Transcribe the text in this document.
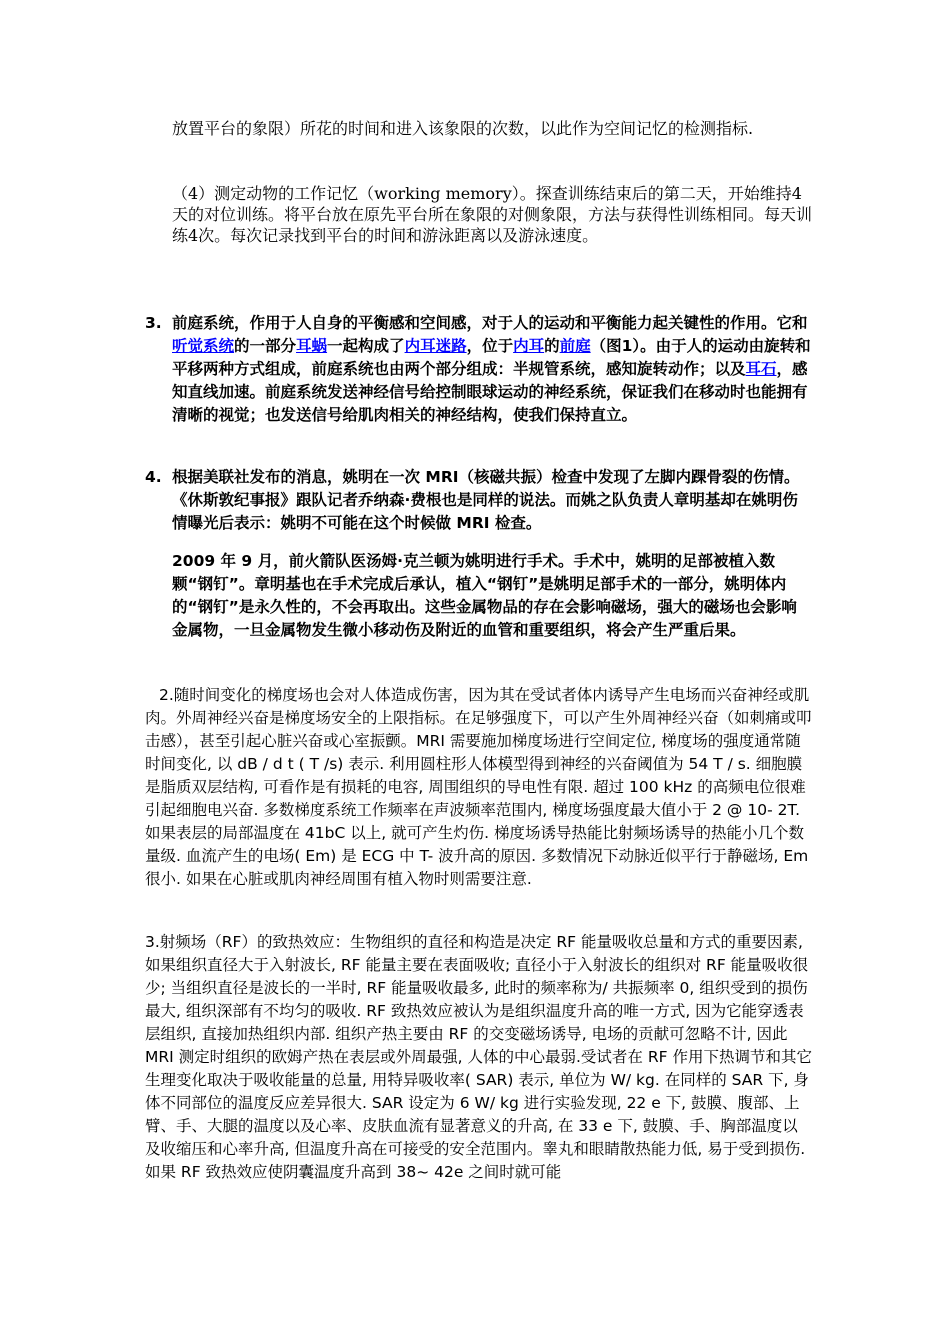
放置平台的象限）所花的时间和进入该象限的次数，以此作为空间记忆的检测指标.

（4）测定动物的工作记忆（working memory）。探查训练结束后的第二天，开始维持4天的对位训练。将平台放在原先平台所在象限的对侧象限，方法与获得性训练相同。每天训练4次。每次记录找到平台的时间和游泳距离以及游泳速度。

3. 前庭系统，作用于人自身的平衡感和空间感，对于人的运动和平衡能力起关键性的作用。它和听觉系统的一部分耳蜗一起构成了内耳迷路，位于内耳的前庭（图1）。由于人的运动由旋转和平移两种方式组成，前庭系统也由两个部分组成：半规管系统，感知旋转动作；以及耳石，感知直线加速。前庭系统发送神经信号给控制眼球运动的神经系统，保证我们在移动时也能拥有清晰的视觉；也发送信号给肌肉相关的神经结构，使我们保持直立。

4. 根据美联社发布的消息，姚明在一次 MRI（核磁共振）检查中发现了左脚内踝骨裂的伤情。《休斯敦纪事报》跟队记者乔纳森·费根也是同样的说法。而姚之队负责人章明基却在姚明伤情曝光后表示：姚明不可能在这个时候做 MRI 检查。

2009 年 9 月，前火箭队医汤姆·克兰顿为姚明进行手术。手术中，姚明的足部被植入数颗“钢钉”。章明基也在手术完成后承认，植入“钢钉”是姚明足部手术的一部分，姚明体内的“钢钉”是永久性的，不会再取出。这些金属物品的存在会影响磁场，强大的磁场也会影响金属物，一旦金属物发生微小移动伤及附近的血管和重要组织，将会产生严重后果。

2.随时间变化的梯度场也会对人体造成伤害，因为其在受试者体内诱导产生电场而兴奋神经或肌肉。外周神经兴奋是梯度场安全的上限指标。在足够强度下，可以产生外周神经兴奋（如刺痛或叩击感），甚至引起心脏兴奋或心室振颤。MRI 需要施加梯度场进行空间定位, 梯度场的强度通常随时间变化, 以 dB / d t ( T /s) 表示. 利用圆柱形人体模型得到神经的兴奋阈值为 54 T / s. 细胞膜是脂质双层结构, 可看作是有损耗的电容, 周围组织的导电性有限. 超过 100 kHz 的高频电位很难引起细胞电兴奋. 多数梯度系统工作频率在声波频率范围内, 梯度场强度最大值小于 2 @ 10- 2T. 如果表层的局部温度在 41bC 以上, 就可产生灼伤. 梯度场诱导热能比射频场诱导的热能小几个数量级. 血流产生的电场( Em) 是 ECG 中 T- 波升高的原因. 多数情况下动脉近似平行于静磁场, Em 很小. 如果在心脏或肌肉神经周围有植入物时则需要注意.

3.射频场（RF）的致热效应：生物组织的直径和构造是决定 RF 能量吸收总量和方式的重要因素, 如果组织直径大于入射波长, RF 能量主要在表面吸收; 直径小于入射波长的组织对 RF 能量吸收很少; 当组织直径是波长的一半时, RF 能量吸收最多, 此时的频率称为/ 共振频率 0, 组织受到的损伤最大, 组织深部有不均匀的吸收. RF 致热效应被认为是组织温度升高的唯一方式, 因为它能穿透表层组织, 直接加热组织内部. 组织产热主要由 RF 的交变磁场诱导, 电场的贡献可忽略不计, 因此 MRI 测定时组织的欧姆产热在表层或外周最强, 人体的中心最弱.受试者在 RF 作用下热调节和其它生理变化取决于吸收能量的总量, 用特异吸收率( SAR) 表示, 单位为 W/ kg. 在同样的 SAR 下, 身体不同部位的温度反应差异很大. SAR 设定为 6 W/ kg 进行实验发现, 22 e 下, 鼓膜、腹部、上臂、手、大腿的温度以及心率、皮肤血流有显著意义的升高, 在 33 e 下, 鼓膜、手、胸部温度以及收缩压和心率升高, 但温度升高在可接受的安全范围内。睾丸和眼睛散热能力低, 易于受到损伤. 如果 RF 致热效应使阴囊温度升高到 38~ 42e 之间时就可能
